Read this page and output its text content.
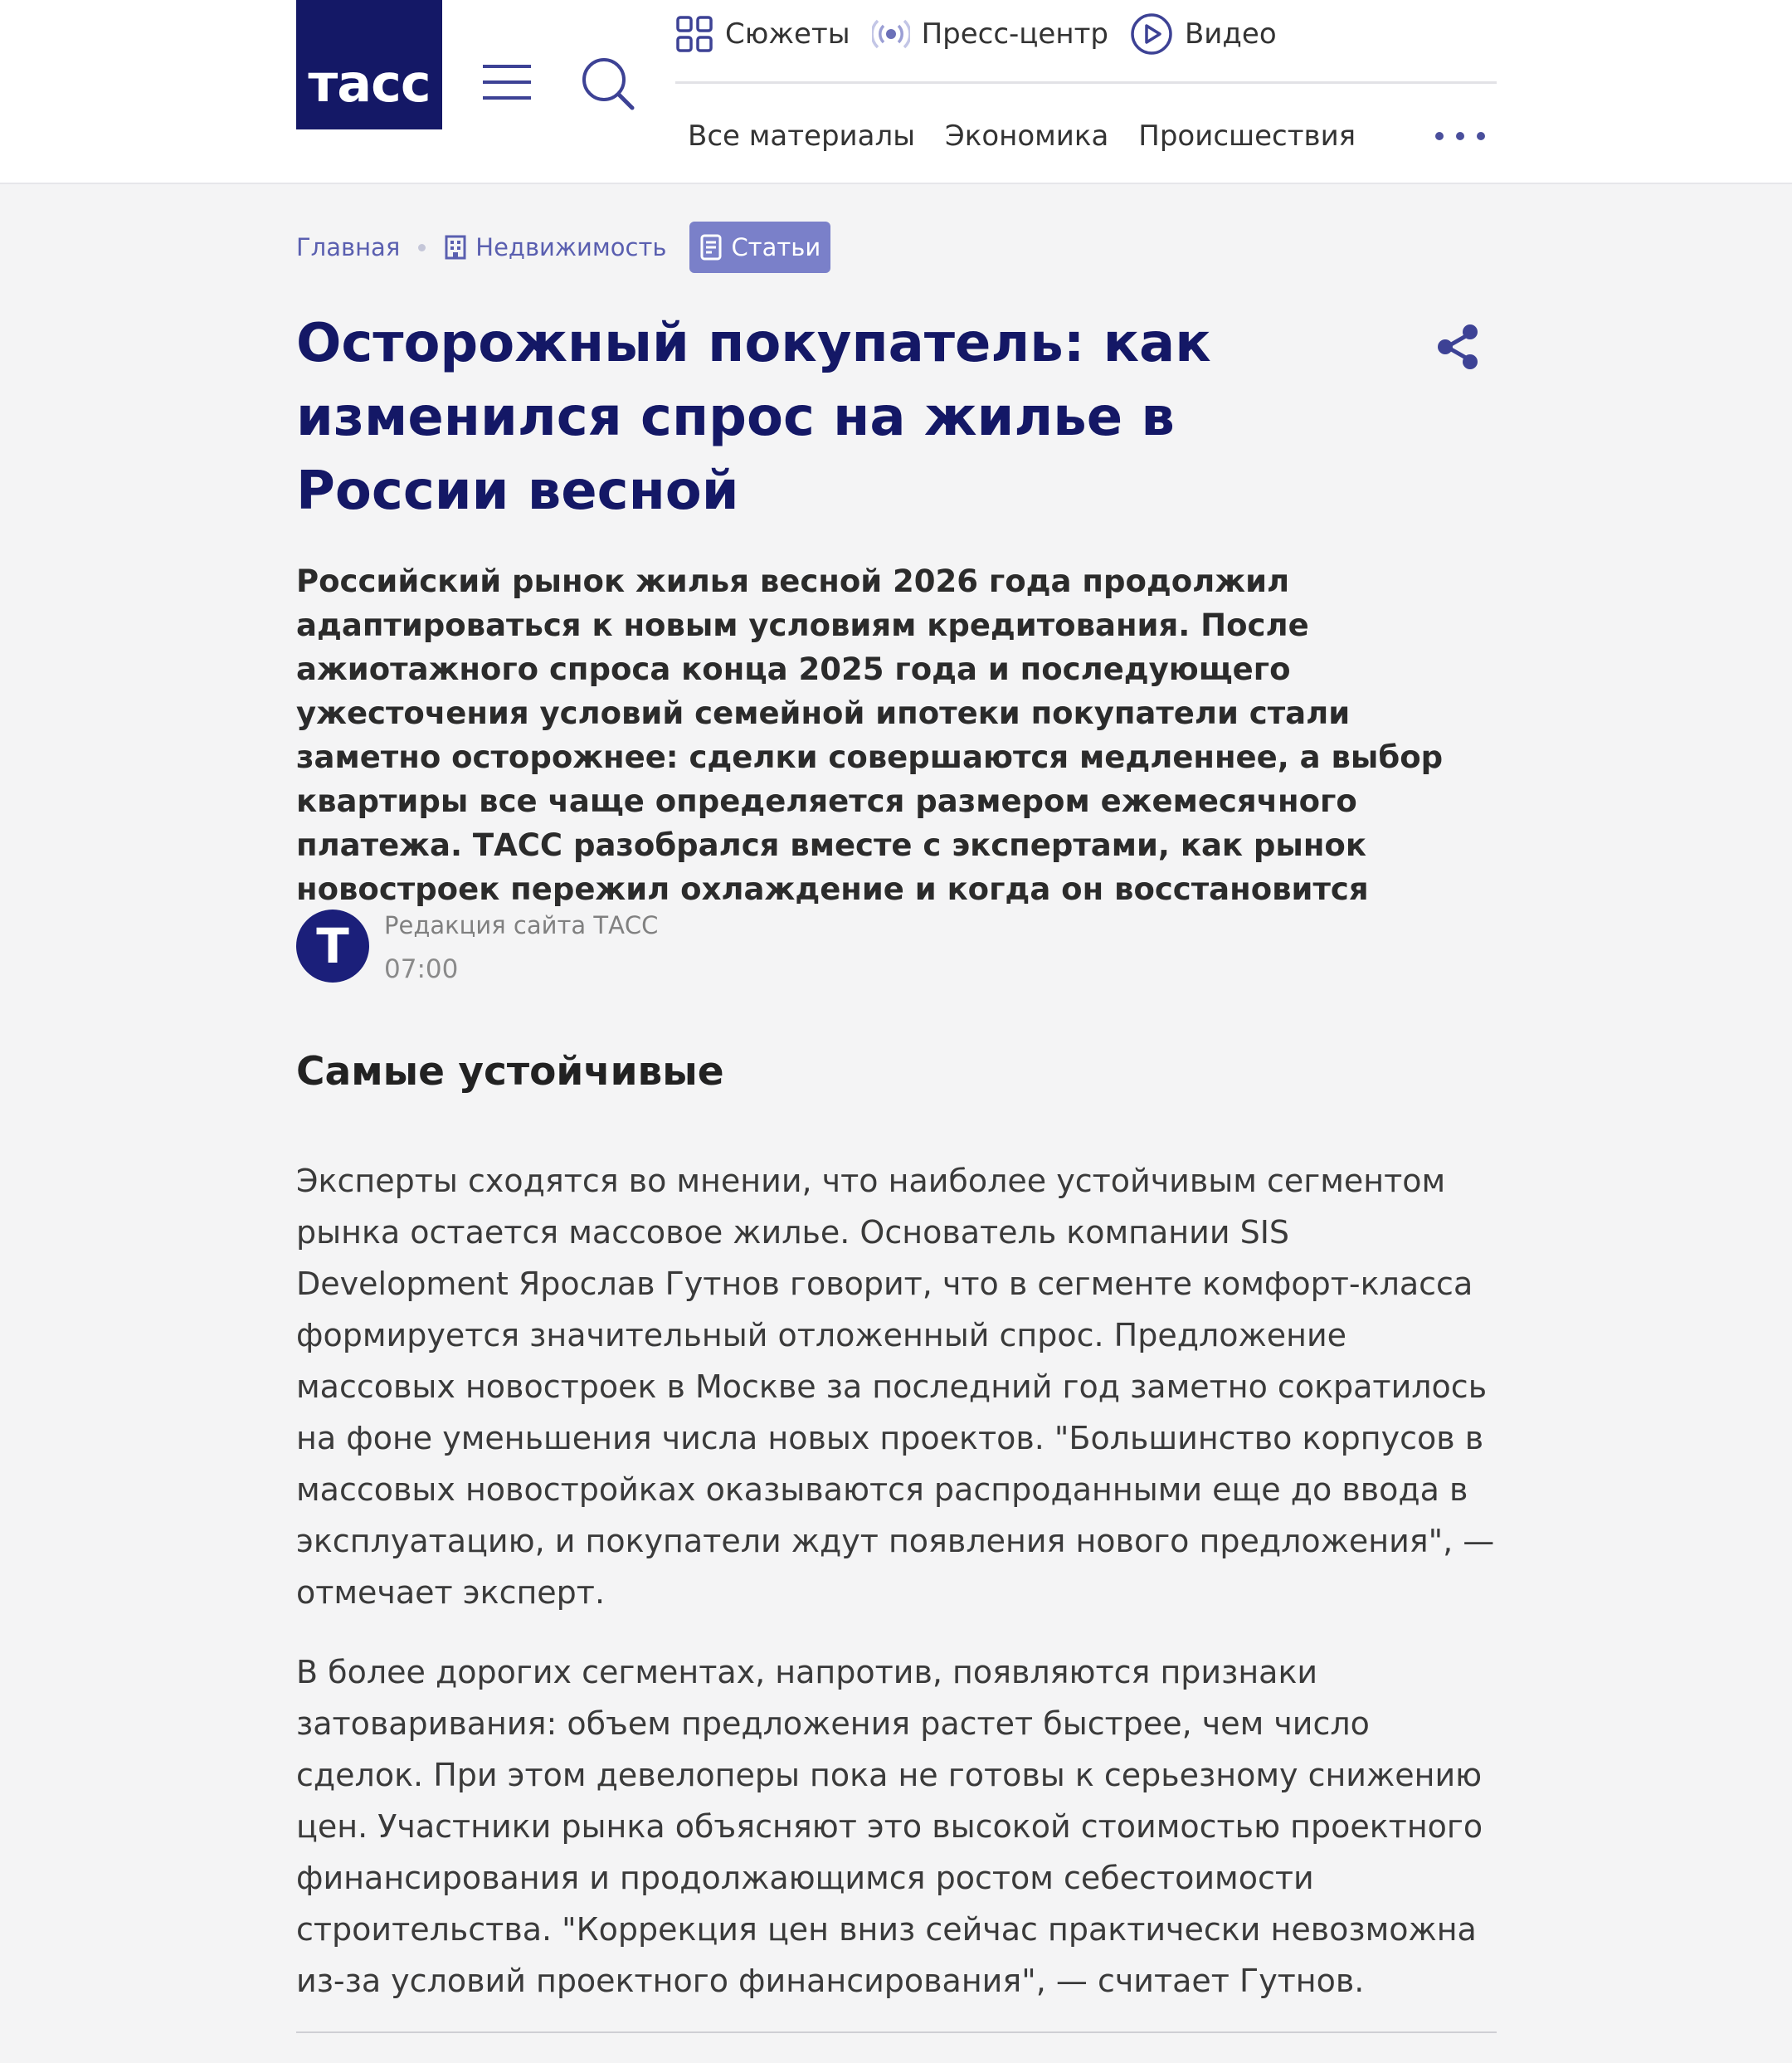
тасс
Сюжеты	Пресс-центр	Видео
Все материалы Экономика Происшествия
Главная	Недвижимость	Статьи
Осторожный покупатель: как изменился спрос на жилье в России весной

Российский рынок жилья весной 2026 года продолжил адаптироваться к новым условиям кредитования. После ажиотажного спроса конца 2025 года и последующего ужесточения условий семейной ипотеки покупатели стали заметно осторожнее: сделки совершаются медленнее, а выбор квартиры все чаще определяется размером ежемесячного платежа. ТАСС разобрался вместе с экспертами, как рынок новостроек пережил охлаждение и когда он восстановится

Т Редакция сайта ТАСС
07:00
Самые устойчивые

Эксперты сходятся во мнении, что наиболее устойчивым сегментом рынка остается массовое жилье. Основатель компании SIS Development Ярослав Гутнов говорит, что в сегменте комфорт-класса формируется значительный отложенный спрос. Предложение массовых новостроек в Москве за последний год заметно сократилось на фоне уменьшения числа новых проектов. "Большинство корпусов в массовых новостройках оказываются распроданными еще до ввода в эксплуатацию, и покупатели ждут появления нового предложения", — отмечает эксперт.

В более дорогих сегментах, напротив, появляются признаки затоваривания: объем предложения растет быстрее, чем число сделок. При этом девелоперы пока не готовы к серьезному снижению цен. Участники рынка объясняют это высокой стоимостью проектного финансирования и продолжающимся ростом себестоимости строительства. "Коррекция цен вниз сейчас практически невозможна из-за условий проектного финансирования", — считает Гутнов.
